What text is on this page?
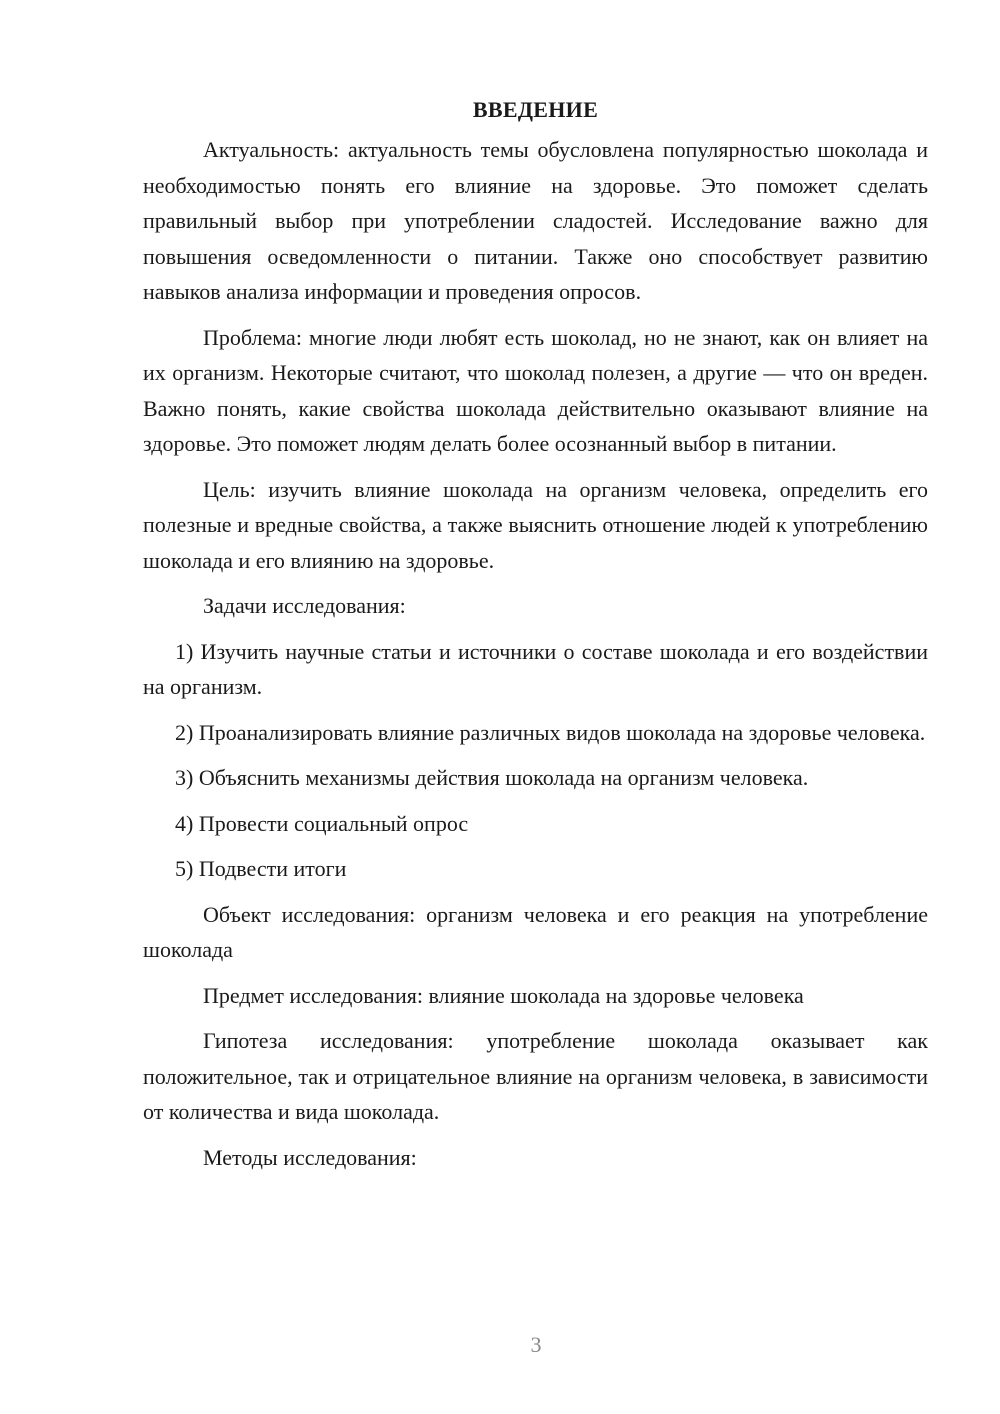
ВВЕДЕНИЕ

Актуальность: актуальность темы обусловлена популярностью шоколада и необходимостью понять его влияние на здоровье. Это поможет сделать правильный выбор при употреблении сладостей. Исследование важно для повышения осведомленности о питании. Также оно способствует развитию навыков анализа информации и проведения опросов.

Проблема: многие люди любят есть шоколад, но не знают, как он влияет на их организм. Некоторые считают, что шоколад полезен, а другие — что он вреден. Важно понять, какие свойства шоколада действительно оказывают влияние на здоровье. Это поможет людям делать более осознанный выбор в питании.

Цель: изучить влияние шоколада на организм человека, определить его полезные и вредные свойства, а также выяснить отношение людей к употреблению шоколада и его влиянию на здоровье.

Задачи исследования:

1) Изучить научные статьи и источники о составе шоколада и его воздействии на организм.

2) Проанализировать влияние различных видов шоколада на здоровье человека.

3) Объяснить механизмы действия шоколада на организм человека.

4) Провести социальный опрос

5) Подвести итоги

Объект исследования: организм человека и его реакция на употребление шоколада

Предмет исследования: влияние шоколада на здоровье человека

Гипотеза исследования: употребление шоколада оказывает как положительное, так и отрицательное влияние на организм человека, в зависимости от количества и вида шоколада.

Методы исследования:

3
